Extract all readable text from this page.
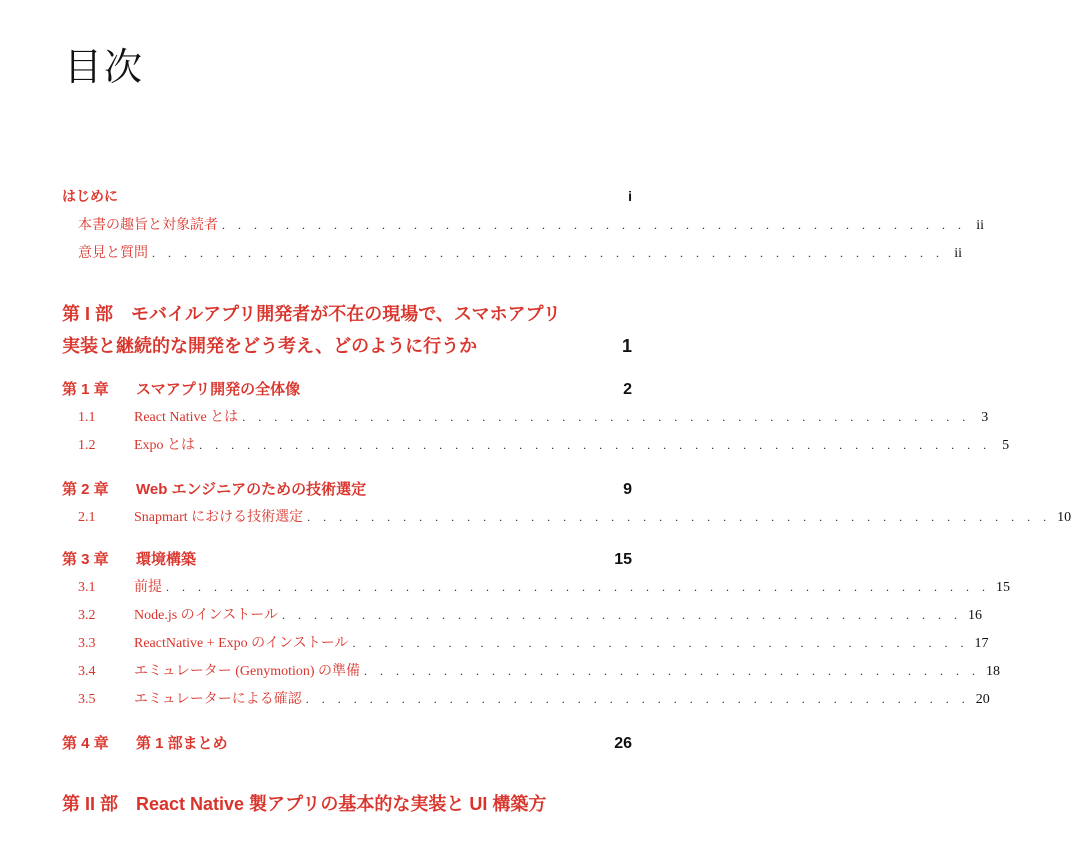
目次
はじめに	i
本書の趣旨と対象読者 . . . . . . . . . . . . . . . . . . . . . . . . . . . . . . . . . . . . . . . . . . . . . . . ii
意見と質問 . . . . . . . . . . . . . . . . . . . . . . . . . . . . . . . . . . . . . . . . . . . . . . . . . . ii
第 I 部　モバイルアプリ開発者が不在の現場で、スマホアプリ
実装と継続的な開発をどう考え、どのように行うか	1
第 1 章 スマアプリ開発の全体像	2
1.1	React Native とは . . . . . . . . . . . . . . . . . . . . . . . . . . . . . . . . . . . . . . . . . . . . . . 3
1.2	Expo とは . . . . . . . . . . . . . . . . . . . . . . . . . . . . . . . . . . . . . . . . . . . . . . . . . . 5
第 2 章 Web エンジニアのための技術選定	9
2.1	Snapmart における技術選定 . . . . . . . . . . . . . . . . . . . . . . . . . . . . . . . . . . . . . . . . . . . . . . . 10
第 3 章 環境構築	15
3.1	前提 . . . . . . . . . . . . . . . . . . . . . . . . . . . . . . . . . . . . . . . . . . . . . . . . . . . . 15
3.2	Node.js のインストール . . . . . . . . . . . . . . . . . . . . . . . . . . . . . . . . . . . . . . . . . . . 16
3.3	ReactNative + Expo のインストール . . . . . . . . . . . . . . . . . . . . . . . . . . . . . . . . . . . . . . . 17
3.4	エミュレーター (Genymotion) の準備 . . . . . . . . . . . . . . . . . . . . . . . . . . . . . . . . . . . . . . . 18
3.5	エミュレーターによる確認 . . . . . . . . . . . . . . . . . . . . . . . . . . . . . . . . . . . . . . . . . . 20
第 4 章 第 1 部まとめ	26
第 II 部　React Native 製アプリの基本的な実装と UI 構築方
